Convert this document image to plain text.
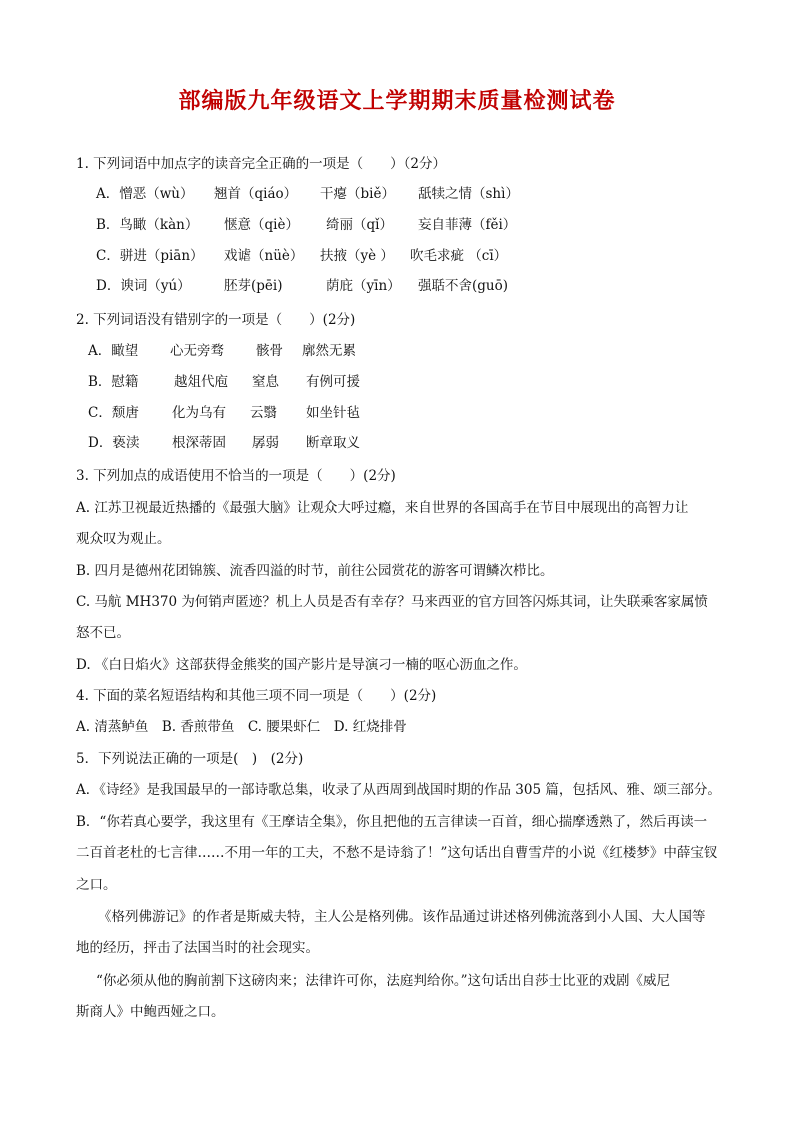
部编版九年级语文上学期期末质量检测试卷
1. 下列词语中加点字的读音完全正确的一项是（　　）（2分）
A．憎恶（wù） 翘首（qiáo） 干瘪（biě） 舐犊之情（shì）
B．鸟瞰（kàn） 惬意（qiè） 绮丽（qǐ） 妄自菲薄（fěi）
C．骈进（piān） 戏谑（nüè） 扶掖（yè ） 吹毛求疵 （cī）
D．谀词（yú） 胚芽(pēi)	荫庇（yīn） 强聒不舍(guō)
2. 下列词语没有错别字的一项是（　　）(2分)
A．瞰望 心无旁骛 骸骨 廓然无累
B．慰籍	越俎代庖 窒息 有例可援
C．颓唐 化为乌有 云翳 如坐针毡
D．亵渎 根深蒂固 孱弱 断章取义
3. 下列加点的成语使用不恰当的一项是（　　）(2分)
A. 江苏卫视最近热播的《最强大脑》让观众大呼过瘾，来自世界的各国高手在节目中展现出的高智力让
观众叹为观止。
B. 四月是德州花团锦簇、流香四溢的时节，前往公园赏花的游客可谓鳞次栉比。
C. 马航 MH370 为何销声匿迹？机上人员是否有幸存？马来西亚的官方回答闪烁其词，让失联乘客家属愤
怒不已。
D. 《白日焰火》这部获得金熊奖的国产影片是导演刁一楠的呕心沥血之作。
4. 下面的菜名短语结构和其他三项不同一项是（　　）(2分)
A. 清蒸鲈鱼　B. 香煎带鱼　C. 腰果虾仁　D. 红烧排骨
5．下列说法正确的一项是(　)　(2分)
A．《诗经》是我国最早的一部诗歌总集，收录了从西周到战国时期的作品 305 篇，包括风、雅、颂三部分。
B．“你若真心要学，我这里有《王摩诘全集》，你且把他的五言律读一百首，细心揣摩透熟了，然后再读一
二百首老杜的七言律……不用一年的工夫，不愁不是诗翁了！”这句话出自曹雪芹的小说《红楼梦》中薛宝钗
之口。
《格列佛游记》的作者是斯威夫特，主人公是格列佛。该作品通过讲述格列佛流落到小人国、大人国等
地的经历，抨击了法国当时的社会现实。
“你必须从他的胸前割下这磅肉来；法律许可你，法庭判给你。”这句话出自莎士比亚的戏剧《威尼
斯商人》中鲍西娅之口。
